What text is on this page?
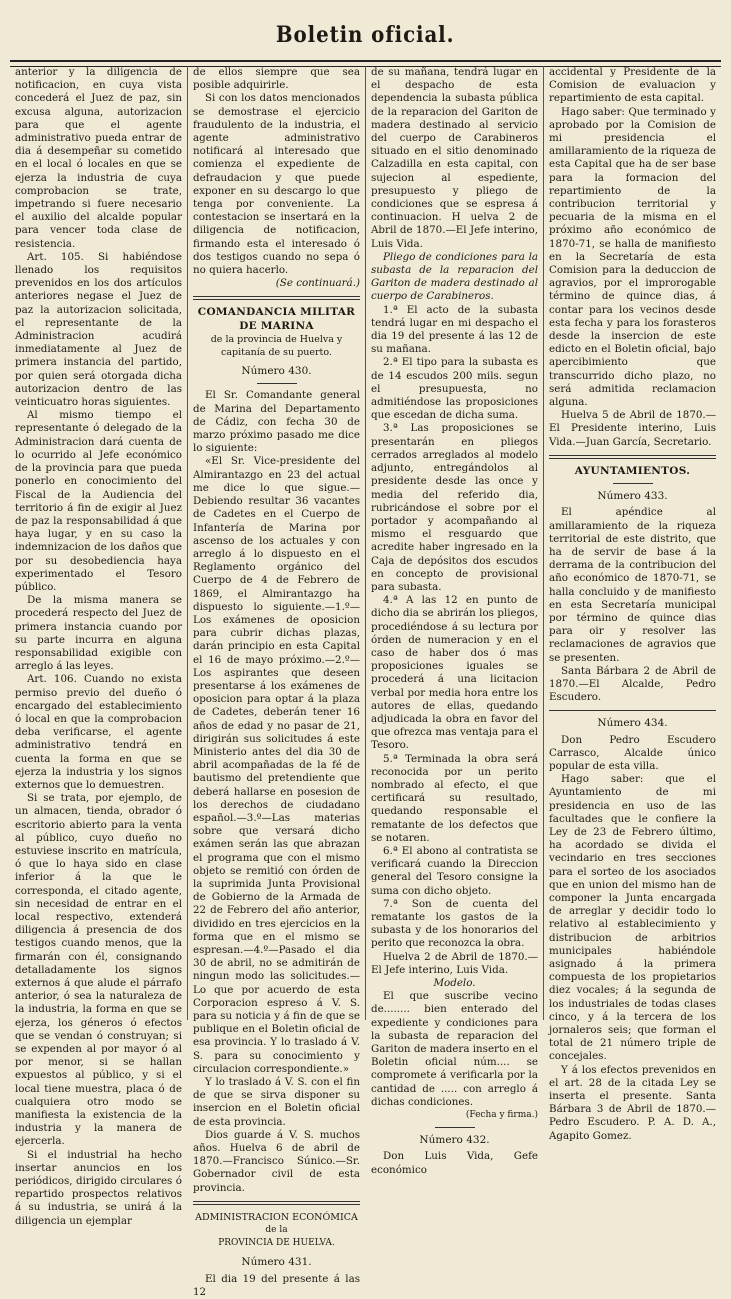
Boletin oficial.

anterior y la diligencia de notificacion, en cuya vista concederá el Juez de paz, sin excusa alguna, autorizacion para que el agente administrativo pueda entrar de dia á desempeñar su cometido en el local ó locales en que se ejerza la industria de cuya comprobacion se trate, impetrando si fuere necesario el auxilio del alcalde popular para vencer toda clase de resistencia.

Art. 105. Si habiéndose llenado los requisitos prevenidos en los dos artículos anteriores negase el Juez de paz la autorizacion solicitada, el representante de la Administracion acudirá inmediatamente al Juez de primera instancia del partido, por quien será otorgada dicha autorizacion dentro de las veinticuatro horas siguientes.

Al mismo tiempo el representante ó delegado de la Administracion dará cuenta de lo ocurrido al Jefe económico de la provincia para que pueda ponerlo en conocimiento del Fiscal de la Audiencia del territorio á fin de exigir al Juez de paz la responsabilidad á que haya lugar, y en su caso la indemnizacion de los daños que por su desobediencia haya experimentado el Tesoro público.

De la misma manera se procederá respecto del Juez de primera instancia cuando por su parte incurra en alguna responsabilidad exigible con arreglo á las leyes.

Art. 106. Cuando no exista permiso previo del dueño ó encargado del establecimiento ó local en que la comprobacion deba verificarse, el agente administrativo tendrá en cuenta la forma en que se ejerza la industria y los signos externos que lo demuestren.

Si se trata, por ejemplo, de un almacen, tienda, obrador ó escritorio abierto para la venta al público, cuyo dueño no estuviese inscrito en matrícula, ó que lo haya sido en clase inferior á la que le corresponda, el citado agente, sin necesidad de entrar en el local respectivo, extenderá diligencia á presencia de dos testigos cuando menos, que la firmarán con él, consignando detalladamente los signos externos á que alude el párrafo anterior, ó sea la naturaleza de la industria, la forma en que se ejerza, los géneros ó efectos que se vendan ó construyan; si se expenden al por mayor ó al por menor, si se hallan expuestos al público, y si el local tiene muestra, placa ó de cualquiera otro modo se manifiesta la existencia de la industria y la manera de ejercerla.

Si el industrial ha hecho insertar anuncios en los periódicos, dirigido circulares ó repartido prospectos relativos á su industria, se unirá á la diligencia un ejemplar

de ellos siempre que sea posible adquirirle.

Si con los datos mencionados se demostrase el ejercicio fraudulento de la industria, el agente administrativo notificará al interesado que comienza el expediente de defraudacion y que puede exponer en su descargo lo que tenga por conveniente. La contestacion se insertará en la diligencia de notificacion, firmando esta el interesado ó dos testigos cuando no sepa ó no quiera hacerlo.

(Se continuará.)

COMANDANCIA MILITAR DE MARINA

de la provincia de Huelva y capitanía de su puerto.

Número 430.

El Sr. Comandante general de Marina del Departamento de Cádiz, con fecha 30 de marzo próximo pasado me dice lo siguiente:

«El Sr. Vice-presidente del Almirantazgo en 23 del actual me dice lo que sigue.—Debiendo resultar 36 vacantes de Cadetes en el Cuerpo de Infantería de Marina por ascenso de los actuales y con arreglo á lo dispuesto en el Reglamento orgánico del Cuerpo de 4 de Febrero de 1869, el Almirantazgo ha dispuesto lo siguiente.—1.º—Los exámenes de oposicion para cubrir dichas plazas, darán principio en esta Capital el 16 de mayo próximo.—2.º—Los aspirantes que deseen presentarse á los exámenes de oposicion para optar á la plaza de Cadetes, deberán tener 16 años de edad y no pasar de 21, dirigirán sus solicitudes á este Ministerio antes del dia 30 de abril acompañadas de la fé de bautismo del pretendiente que deberá hallarse en posesion de los derechos de ciudadano español.—3.º—Las materias sobre que versará dicho exámen serán las que abrazan el programa que con el mismo objeto se remitió con órden de la suprimida Junta Provisional de Gobierno de la Armada de 22 de Febrero del año anterior, dividido en tres ejercicios en la forma que en el mismo se espresan.—4.º—Pasado el dia 30 de abril, no se admitirán de ningun modo las solicitudes.—Lo que por acuerdo de esta Corporacion espreso á V. S. para su noticia y á fin de que se publique en el Boletin oficial de esa provincia. Y lo traslado á V. S. para su conocimiento y circulacion correspondiente.»

Y lo traslado á V. S. con el fin de que se sirva disponer su insercion en el Boletin oficial de esta provincia.

Dios guarde á V. S. muchos años. Huelva 6 de abril de 1870.—Francisco Súnico.—Sr. Gobernador civil de esta provincia.

ADMINISTRACION ECONÓMICA

de la

PROVINCIA DE HUELVA.

Número 431.

El dia 19 del presente á las 12

de su mañana, tendrá lugar en el despacho de esta dependencia la subasta pública de la reparacion del Gariton de madera destinado al servicio del cuerpo de Carabineros situado en el sitio denominado Calzadilla en esta capital, con sujecion al espediente, presupuesto y pliego de condiciones que se espresa á continuacion. H uelva 2 de Abril de 1870.—El Jefe interino, Luis Vida.

Pliego de condiciones para la subasta de la reparacion del Gariton de madera destinado al cuerpo de Carabineros.

1.ª El acto de la subasta tendrá lugar en mi despacho el dia 19 del presente á las 12 de su mañana.

2.ª El tipo para la subasta es de 14 escudos 200 mils. segun el presupuesta, no admitiéndose las proposiciones que escedan de dicha suma.

3.ª Las proposiciones se presentarán en pliegos cerrados arreglados al modelo adjunto, entregándolos al presidente desde las once y media del referido dia, rubricándose el sobre por el portador y acompañando al mismo el resguardo que acredite haber ingresado en la Caja de depósitos dos escudos en concepto de provisional para subasta.

4.ª A las 12 en punto de dicho dia se abrirán los pliegos, procediéndose á su lectura por órden de numeracion y en el caso de haber dos ó mas proposiciones iguales se procederá á una licitacion verbal por media hora entre los autores de ellas, quedando adjudicada la obra en favor del que ofrezca mas ventaja para el Tesoro.

5.ª Terminada la obra será reconocida por un perito nombrado al efecto, el que certificará su resultado, quedando responsable el rematante de los defectos que se notaren.

6.ª El abono al contratista se verificará cuando la Direccion general del Tesoro consigne la suma con dicho objeto.

7.ª Son de cuenta del rematante los gastos de la subasta y de los honorarios del perito que reconozca la obra.

Huelva 2 de Abril de 1870.—El Jefe interino, Luis Vida.

Modelo.

El que suscribe vecino de........ bien enterado del expediente y condiciones para la subasta de reparacion del Gariton de madera inserto en el Boletin oficial núm.... se compromete á verificarla por la cantidad de ..... con arreglo á dichas condiciones.

(Fecha y firma.)

Número 432.

Don Luis Vida, Gefe económico

accidental y Presidente de la Comision de evaluacion y repartimiento de esta capital.

Hago saber: Que terminado y aprobado por la Comision de mi presidencia el amillaramiento de la riqueza de esta Capital que ha de ser base para la formacion del repartimiento de la contribucion territorial y pecuaria de la misma en el próximo año económico de 1870-71, se halla de manifiesto en la Secretaría de esta Comision para la deduccion de agravios, por el improrogable término de quince dias, á contar para los vecinos desde esta fecha y para los forasteros desde la insercion de este edicto en el Boletin oficial, bajo apercibimiento que transcurrido dicho plazo, no será admitida reclamacion alguna.

Huelva 5 de Abril de 1870.—El Presidente interino, Luis Vida.—Juan García, Secretario.

AYUNTAMIENTOS.

Número 433.

El apéndice al amillaramiento de la riqueza territorial de este distrito, que ha de servir de base á la derrama de la contribucion del año económico de 1870-71, se halla concluido y de manifiesto en esta Secretaría municipal por término de quince dias para oir y resolver las reclamaciones de agravios que se presenten.

Santa Bárbara 2 de Abril de 1870.—El Alcalde, Pedro Escudero.

Número 434.

Don Pedro Escudero Carrasco, Alcalde único popular de esta villa.

Hago saber: que el Ayuntamiento de mi presidencia en uso de las facultades que le confiere la Ley de 23 de Febrero último, ha acordado se divida el vecindario en tres secciones para el sorteo de los asociados que en union del mismo han de componer la Junta encargada de arreglar y decidir todo lo relativo al establecimiento y distribucion de arbitrios municipales habiéndole asignado á la primera compuesta de los propietarios diez vocales; á la segunda de los industriales de todas clases cinco, y á la tercera de los jornaleros seis; que forman el total de 21 número triple de concejales.

Y á los efectos prevenidos en el art. 28 de la citada Ley se inserta el presente. Santa Bárbara 3 de Abril de 1870.—Pedro Escudero. P. A. D. A., Agapito Gomez.
